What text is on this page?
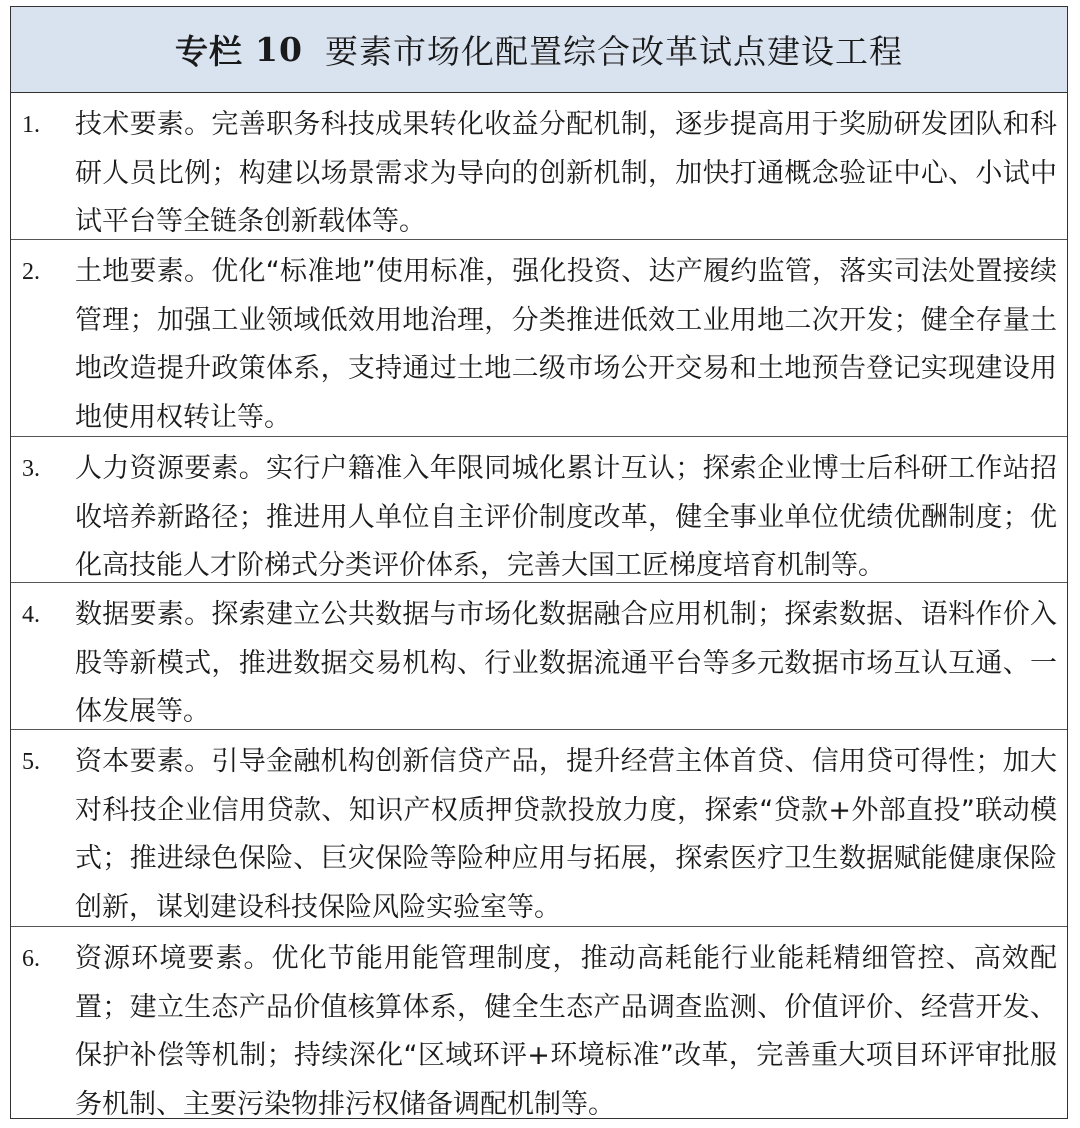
专栏 10 要素市场化配置综合改革试点建设工程
1. 技术要素。完善职务科技成果转化收益分配机制，逐步提高用于奖励研发团队和科研人员比例；构建以场景需求为导向的创新机制，加快打通概念验证中心、小试中试平台等全链条创新载体等。
2. 土地要素。优化“标准地”使用标准，强化投资、达产履约监管，落实司法处置接续管理；加强工业领域低效用地治理，分类推进低效工业用地二次开发；健全存量土地改造提升政策体系，支持通过土地二级市场公开交易和土地预告登记实现建设用地使用权转让等。
3. 人力资源要素。实行户籍准入年限同城化累计互认；探索企业博士后科研工作站招收培养新路径；推进用人单位自主评价制度改革，健全事业单位优绩优酬制度；优化高技能人才阶梯式分类评价体系，完善大国工匠梯度培育机制等。
4. 数据要素。探索建立公共数据与市场化数据融合应用机制；探索数据、语料作价入股等新模式，推进数据交易机构、行业数据流通平台等多元数据市场互认互通、一体发展等。
5. 资本要素。引导金融机构创新信贷产品，提升经营主体首贷、信用贷可得性；加大对科技企业信用贷款、知识产权质押贷款投放力度，探索“贷款+外部直投”联动模式；推进绿色保险、巨灾保险等险种应用与拓展，探索医疗卫生数据赋能健康保险创新，谋划建设科技保险风险实验室等。
6. 资源环境要素。优化节能用能管理制度，推动高耗能行业能耗精细管控、高效配置；建立生态产品价值核算体系，健全生态产品调查监测、价值评价、经营开发、保护补偿等机制；持续深化“区域环评+环境标准”改革，完善重大项目环评审批服务机制、主要污染物排污权储备调配机制等。
